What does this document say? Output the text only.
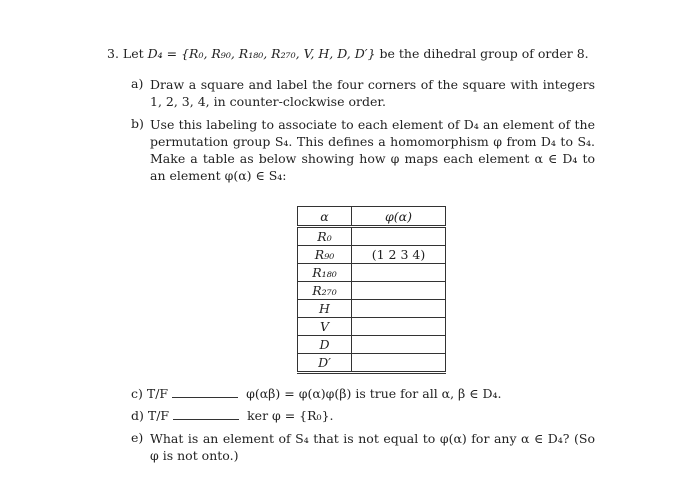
3. Let D₄ = {R₀, R₉₀, R₁₈₀, R₂₇₀, V, H, D, D′} be the dihedral group of order 8.
a) Draw a square and label the four corners of the square with integers 1, 2, 3, 4, in counter-clockwise order.
b) Use this labeling to associate to each element of D₄ an element of the permutation group S₄. This defines a homomorphism φ from D₄ to S₄. Make a table as below showing how φ maps each element α ∈ D₄ to an element φ(α) ∈ S₄:
α	φ(α)
R₀	
R₉₀	(1 2 3 4)
R₁₈₀	
R₂₇₀	
H	
V	
D	
D′	
c) T/F	φ(αβ) = φ(α)φ(β) is true for all α, β ∈ D₄.
d) T/F	ker φ = {R₀}.
e) What is an element of S₄ that is not equal to φ(α) for any α ∈ D₄? (So φ is not onto.)
